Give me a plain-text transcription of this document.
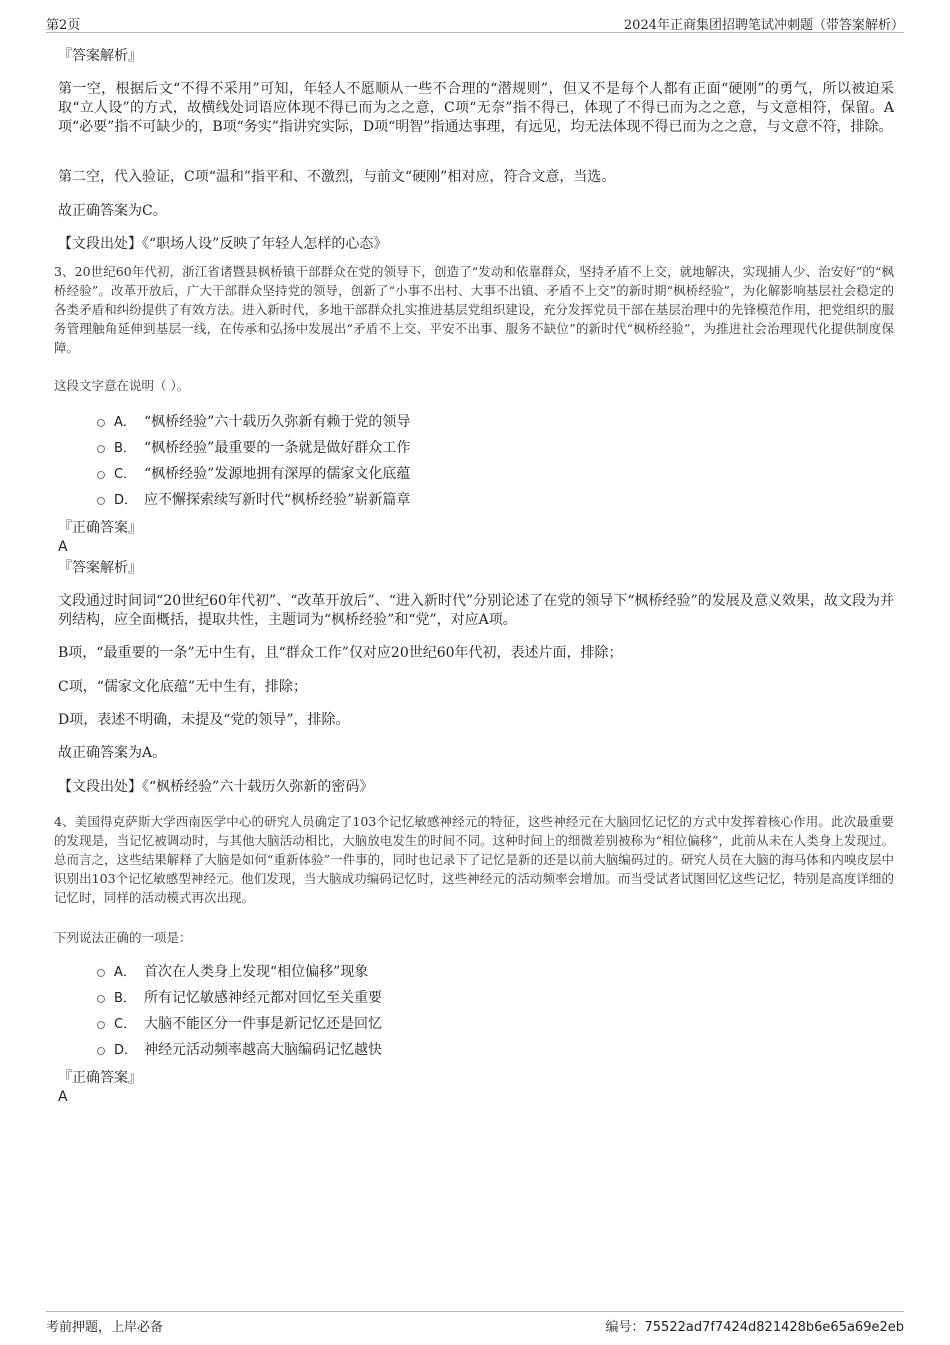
第2页	2024年正商集团招聘笔试冲刺题（带答案解析）
『答案解析』
第一空，根据后文“不得不采用”可知，年轻人不愿顺从一些不合理的“潜规则”，但又不是每个人都有正面“硬刚”的勇气，所以被迫采取“立人设”的方式，故横线处词语应体现不得已而为之之意，C项“无奈”指不得已，体现了不得已而为之之意，与文意相符，保留。A项“必要”指不可缺少的，B项“务实”指讲究实际，D项“明智”指通达事理，有远见，均无法体现不得已而为之之意，与文意不符，排除。
第二空，代入验证，C项“温和”指平和、不激烈，与前文“硬刚”相对应，符合文意，当选。
故正确答案为C。
【文段出处】《“职场人设”反映了年轻人怎样的心态》
3、20世纪60年代初，浙江省诸暨县枫桥镇干部群众在党的领导下，创造了“发动和依靠群众，坚持矛盾不上交，就地解决，实现捕人少、治安好”的“枫桥经验”。改革开放后，广大干部群众坚持党的领导，创新了“小事不出村、大事不出镇、矛盾不上交”的新时期“枫桥经验”，为化解影响基层社会稳定的各类矛盾和纠纷提供了有效方法。进入新时代，多地干部群众扎实推进基层党组织建设，充分发挥党员干部在基层治理中的先锋模范作用，把党组织的服务管理触角延伸到基层一线，在传承和弘扬中发展出“矛盾不上交、平安不出事、服务不缺位”的新时代“枫桥经验”，为推进社会治理现代化提供制度保障。
这段文字意在说明（ ）。
A． “枫桥经验”六十载历久弥新有赖于党的领导
B． “枫桥经验”最重要的一条就是做好群众工作
C． “枫桥经验”发源地拥有深厚的儒家文化底蕴
D． 应不懈探索续写新时代“枫桥经验”崭新篇章
『正确答案』
A
『答案解析』
文段通过时间词“20世纪60年代初”、“改革开放后”、“进入新时代”分别论述了在党的领导下“枫桥经验”的发展及意义效果，故文段为并列结构，应全面概括，提取共性，主题词为“枫桥经验”和“党”，对应A项。
B项，“最重要的一条”无中生有，且“群众工作”仅对应20世纪60年代初，表述片面，排除；
C项，“儒家文化底蕴”无中生有，排除；
D项，表述不明确，未提及“党的领导”，排除。
故正确答案为A。
【文段出处】《“枫桥经验”六十载历久弥新的密码》
4、美国得克萨斯大学西南医学中心的研究人员确定了103个记忆敏感神经元的特征，这些神经元在大脑回忆记忆的方式中发挥着核心作用。此次最重要的发现是，当记忆被调动时，与其他大脑活动相比，大脑放电发生的时间不同。这种时间上的细微差别被称为“相位偏移”，此前从未在人类身上发现过。总而言之，这些结果解释了大脑是如何“重新体验”一件事的，同时也记录下了记忆是新的还是以前大脑编码过的。研究人员在大脑的海马体和内嗅皮层中识别出103个记忆敏感型神经元。他们发现，当大脑成功编码记忆时，这些神经元的活动频率会增加。而当受试者试图回忆这些记忆，特别是高度详细的记忆时，同样的活动模式再次出现。
下列说法正确的一项是：
A． 首次在人类身上发现“相位偏移”现象
B． 所有记忆敏感神经元都对回忆至关重要
C． 大脑不能区分一件事是新记忆还是回忆
D． 神经元活动频率越高大脑编码记忆越快
『正确答案』
A
考前押题，上岸必备	编号：75522ad7f7424d821428b6e65a69e2eb
